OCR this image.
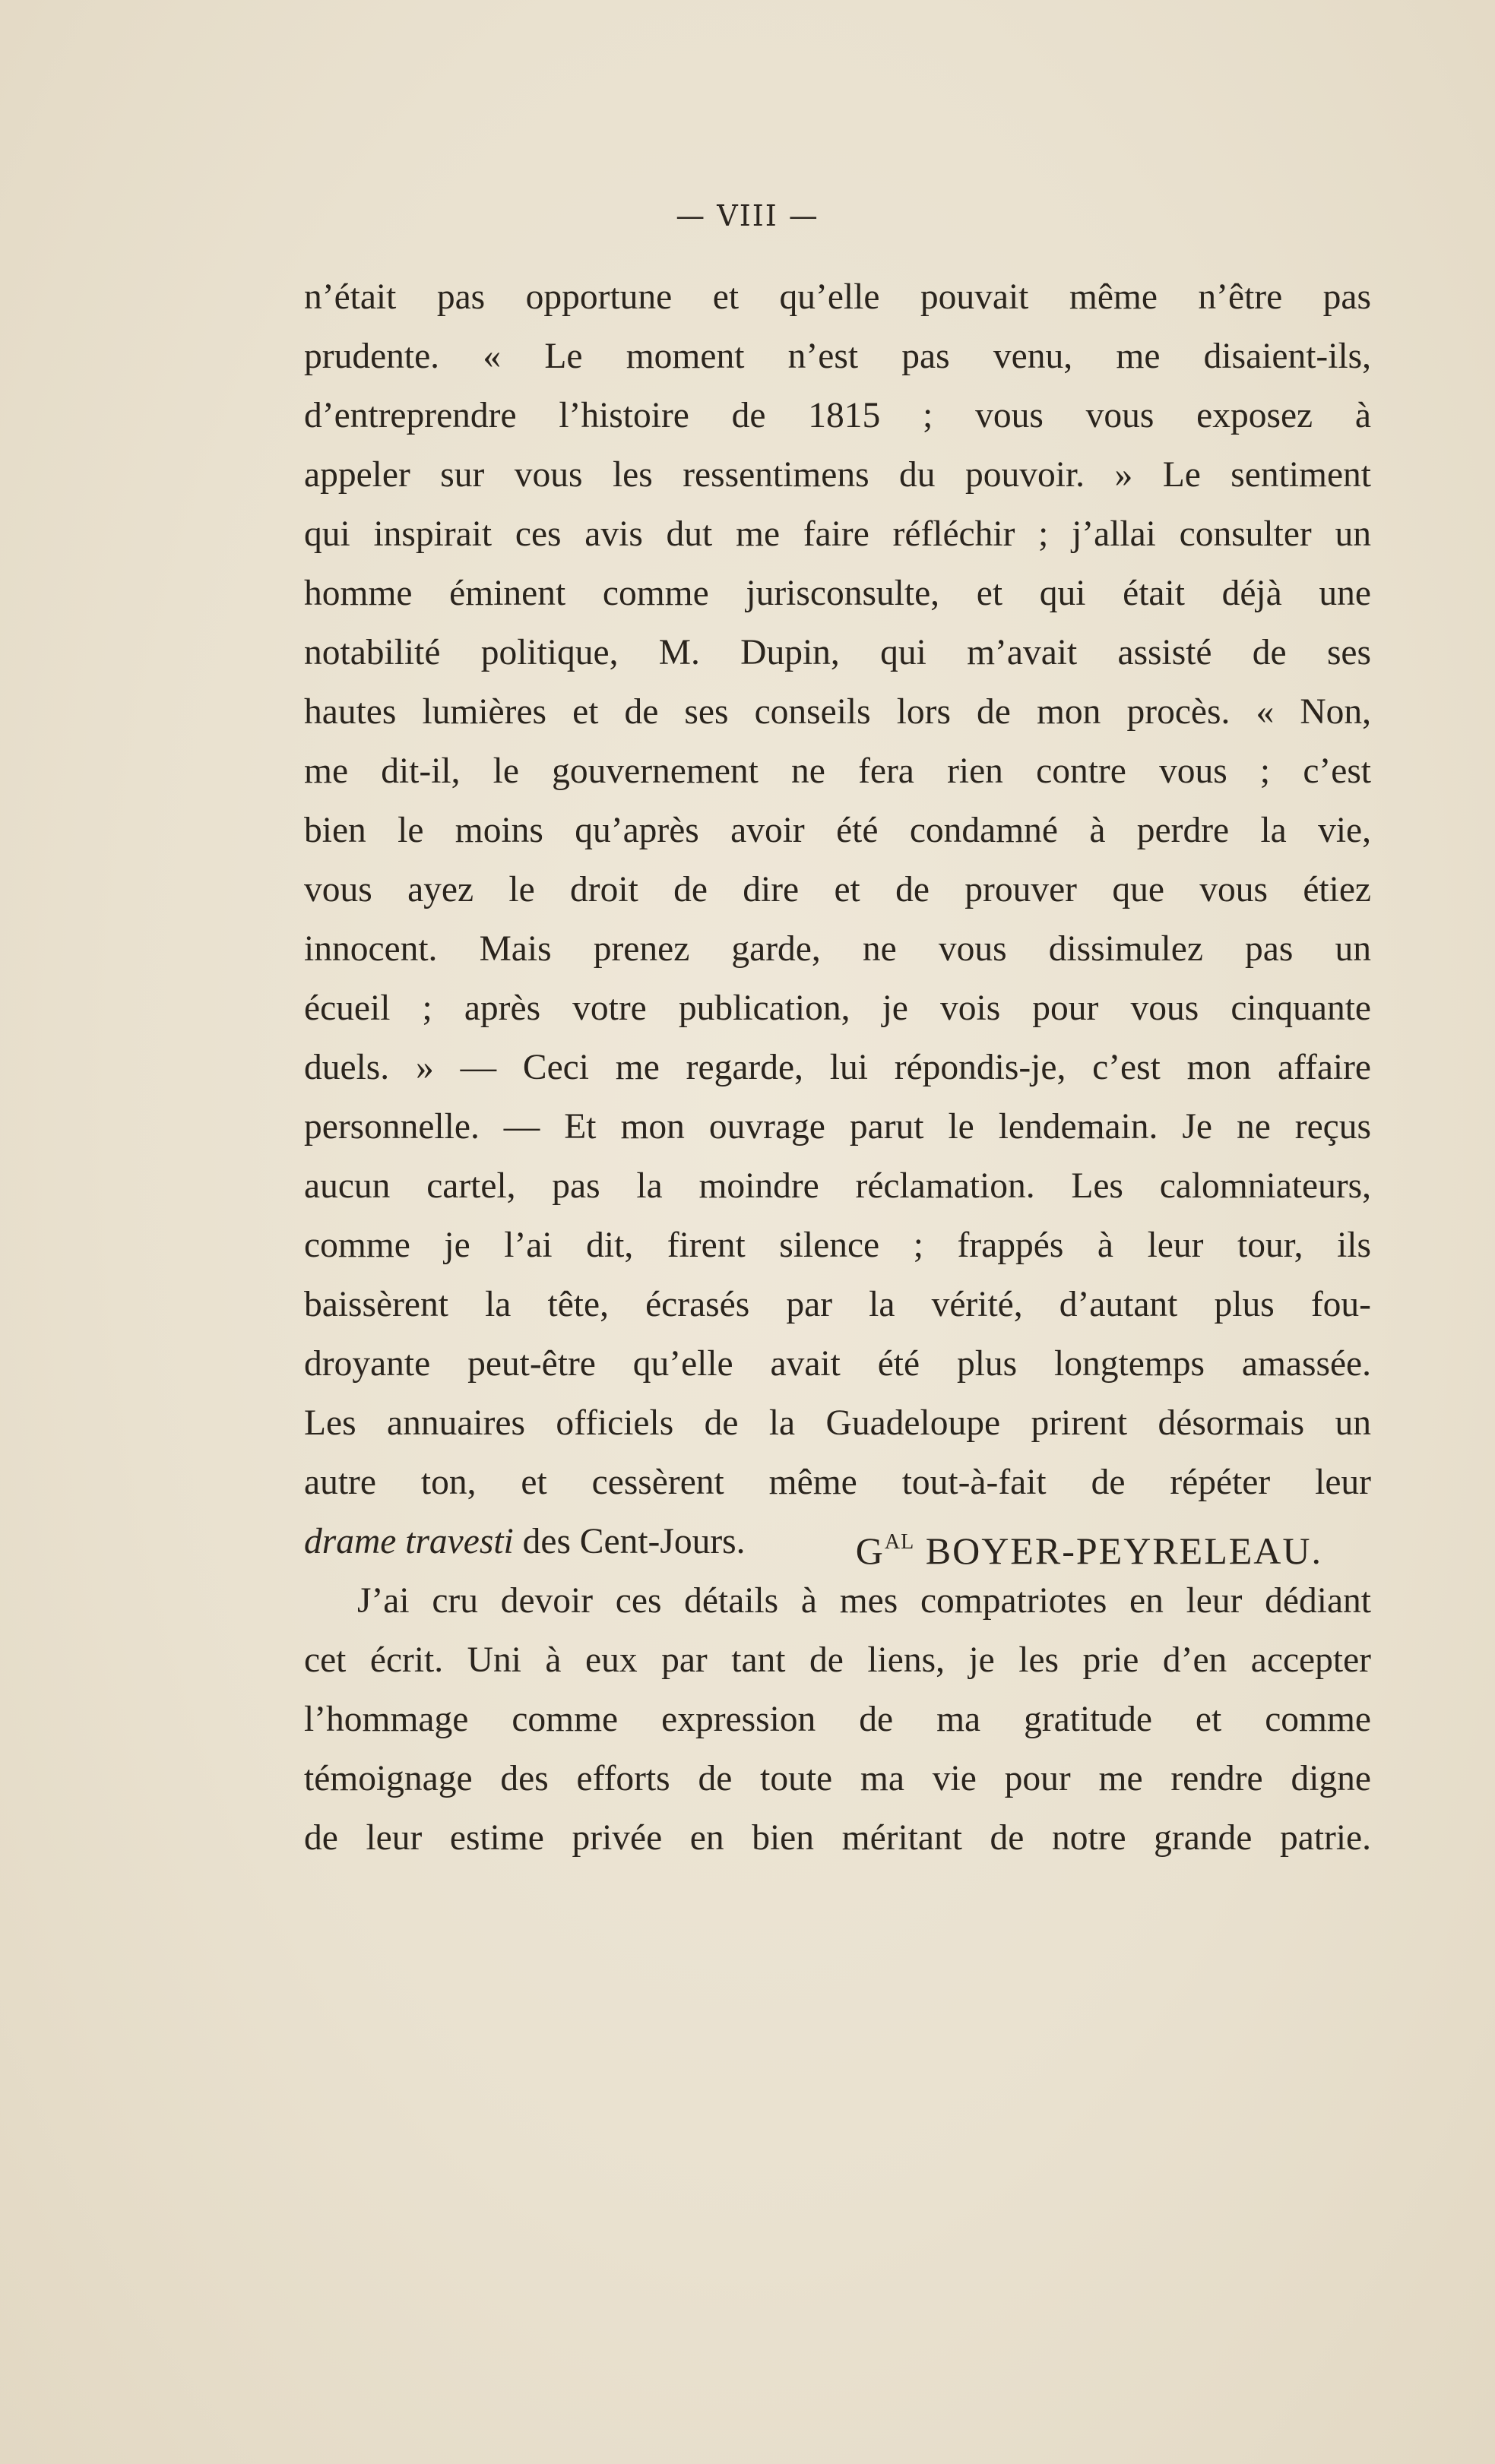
— VIII —
n’était pas opportune et qu’elle pouvait même n’être pas
prudente. « Le moment n’est pas venu, me disaient-ils,
d’entreprendre l’histoire de 1815 ; vous vous exposez à
appeler sur vous les ressentimens du pouvoir. » Le sentiment
qui inspirait ces avis dut me faire réfléchir ; j’allai consulter un
homme éminent comme jurisconsulte, et qui était déjà une
notabilité politique, M. Dupin, qui m’avait assisté de ses
hautes lumières et de ses conseils lors de mon procès. « Non,
me dit-il, le gouvernement ne fera rien contre vous ; c’est
bien le moins qu’après avoir été condamné à perdre la vie,
vous ayez le droit de dire et de prouver que vous étiez
innocent. Mais prenez garde, ne vous dissimulez pas un
écueil ; après votre publication, je vois pour vous cinquante
duels. » — Ceci me regarde, lui répondis-je, c’est mon affaire
personnelle. — Et mon ouvrage parut le lendemain. Je ne reçus
aucun cartel, pas la moindre réclamation. Les calomniateurs,
comme je l’ai dit, firent silence ; frappés à leur tour, ils
baissèrent la tête, écrasés par la vérité, d’autant plus fou-
droyante peut-être qu’elle avait été plus longtemps amassée.
Les annuaires officiels de la Guadeloupe prirent désormais un
autre ton, et cessèrent même tout-à-fait de répéter leur
drame travesti des Cent-Jours.
J’ai cru devoir ces détails à mes compatriotes en leur dédiant
cet écrit. Uni à eux par tant de liens, je les prie d’en accepter
l’hommage comme expression de ma gratitude et comme
témoignage des efforts de toute ma vie pour me rendre digne
de leur estime privée en bien méritant de notre grande patrie.
$G^{AL}$ BOYER-PEYRELEAU.
